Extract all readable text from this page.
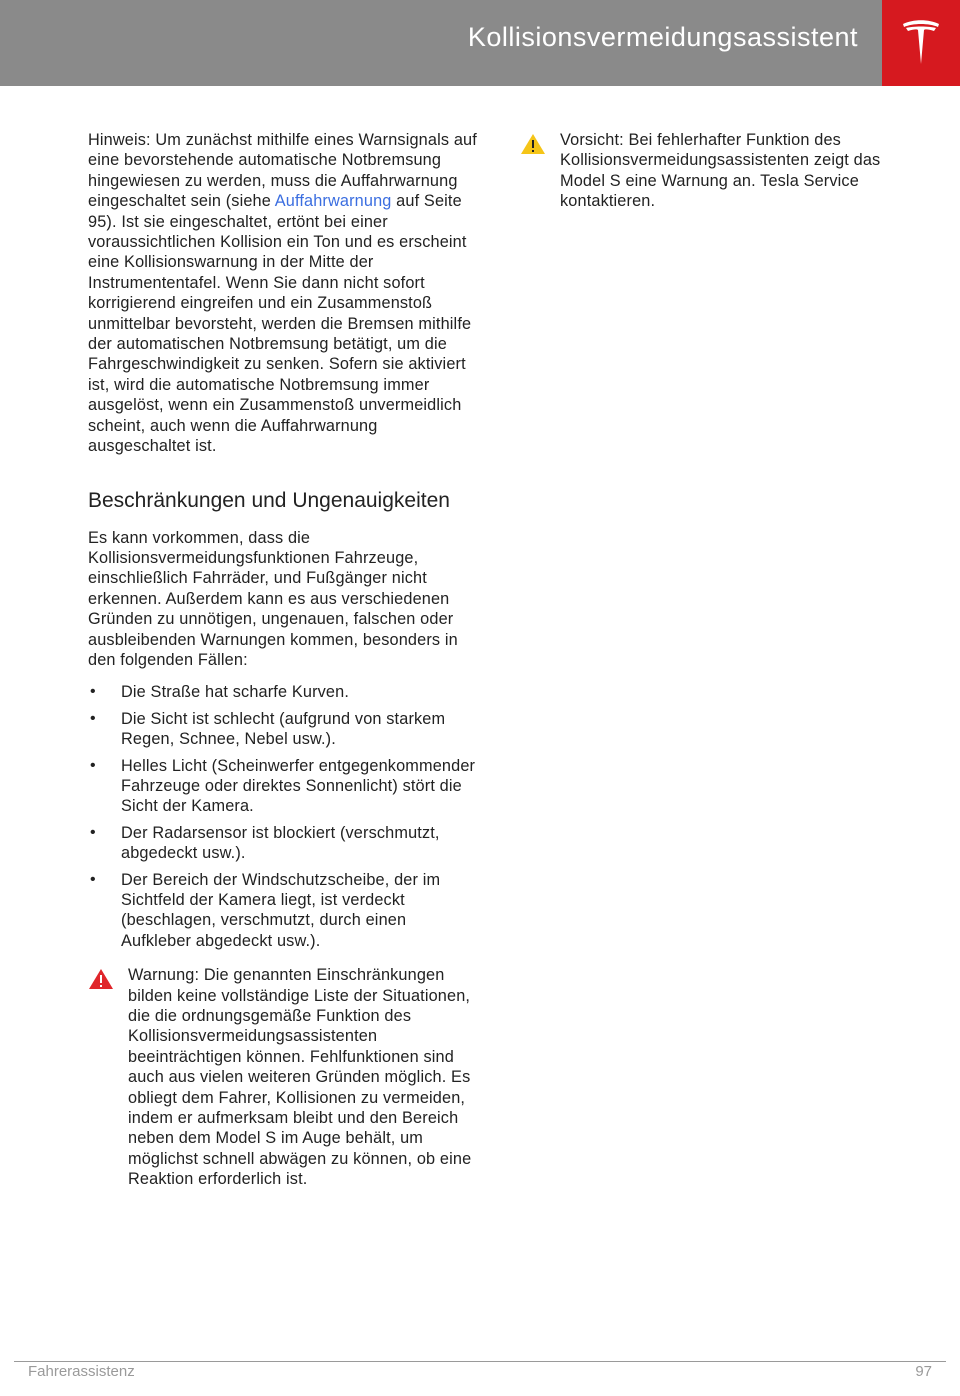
Kollisionsvermeidungsassistent

Hinweis: Um zunächst mithilfe eines Warnsignals auf eine bevorstehende automatische Notbremsung hingewiesen zu werden, muss die Auffahrwarnung eingeschaltet sein (siehe Auffahrwarnung auf Seite 95). Ist sie eingeschaltet, ertönt bei einer voraussichtlichen Kollision ein Ton und es erscheint eine Kollisionswarnung in der Mitte der Instrumententafel. Wenn Sie dann nicht sofort korrigierend eingreifen und ein Zusammenstoß unmittelbar bevorsteht, werden die Bremsen mithilfe der automatischen Notbremsung betätigt, um die Fahrgeschwindigkeit zu senken. Sofern sie aktiviert ist, wird die automatische Notbremsung immer ausgelöst, wenn ein Zusammenstoß unvermeidlich scheint, auch wenn die Auffahrwarnung ausgeschaltet ist.

Beschränkungen und Ungenauigkeiten

Es kann vorkommen, dass die Kollisionsvermeidungsfunktionen Fahrzeuge, einschließlich Fahrräder, und Fußgänger nicht erkennen. Außerdem kann es aus verschiedenen Gründen zu unnötigen, ungenauen, falschen oder ausbleibenden Warnungen kommen, besonders in den folgenden Fällen:

• Die Straße hat scharfe Kurven.
• Die Sicht ist schlecht (aufgrund von starkem Regen, Schnee, Nebel usw.).
• Helles Licht (Scheinwerfer entgegenkommender Fahrzeuge oder direktes Sonnenlicht) stört die Sicht der Kamera.
• Der Radarsensor ist blockiert (verschmutzt, abgedeckt usw.).
• Der Bereich der Windschutzscheibe, der im Sichtfeld der Kamera liegt, ist verdeckt (beschlagen, verschmutzt, durch einen Aufkleber abgedeckt usw.).

Warnung: Die genannten Einschränkungen bilden keine vollständige Liste der Situationen, die die ordnungsgemäße Funktion des Kollisionsvermeidungsassistenten beeinträchtigen können. Fehlfunktionen sind auch aus vielen weiteren Gründen möglich. Es obliegt dem Fahrer, Kollisionen zu vermeiden, indem er aufmerksam bleibt und den Bereich neben dem Model S im Auge behält, um möglichst schnell abwägen zu können, ob eine Reaktion erforderlich ist.

Vorsicht: Bei fehlerhafter Funktion des Kollisionsvermeidungsassistenten zeigt das Model S eine Warnung an. Tesla Service kontaktieren.

Fahrerassistenz	97
